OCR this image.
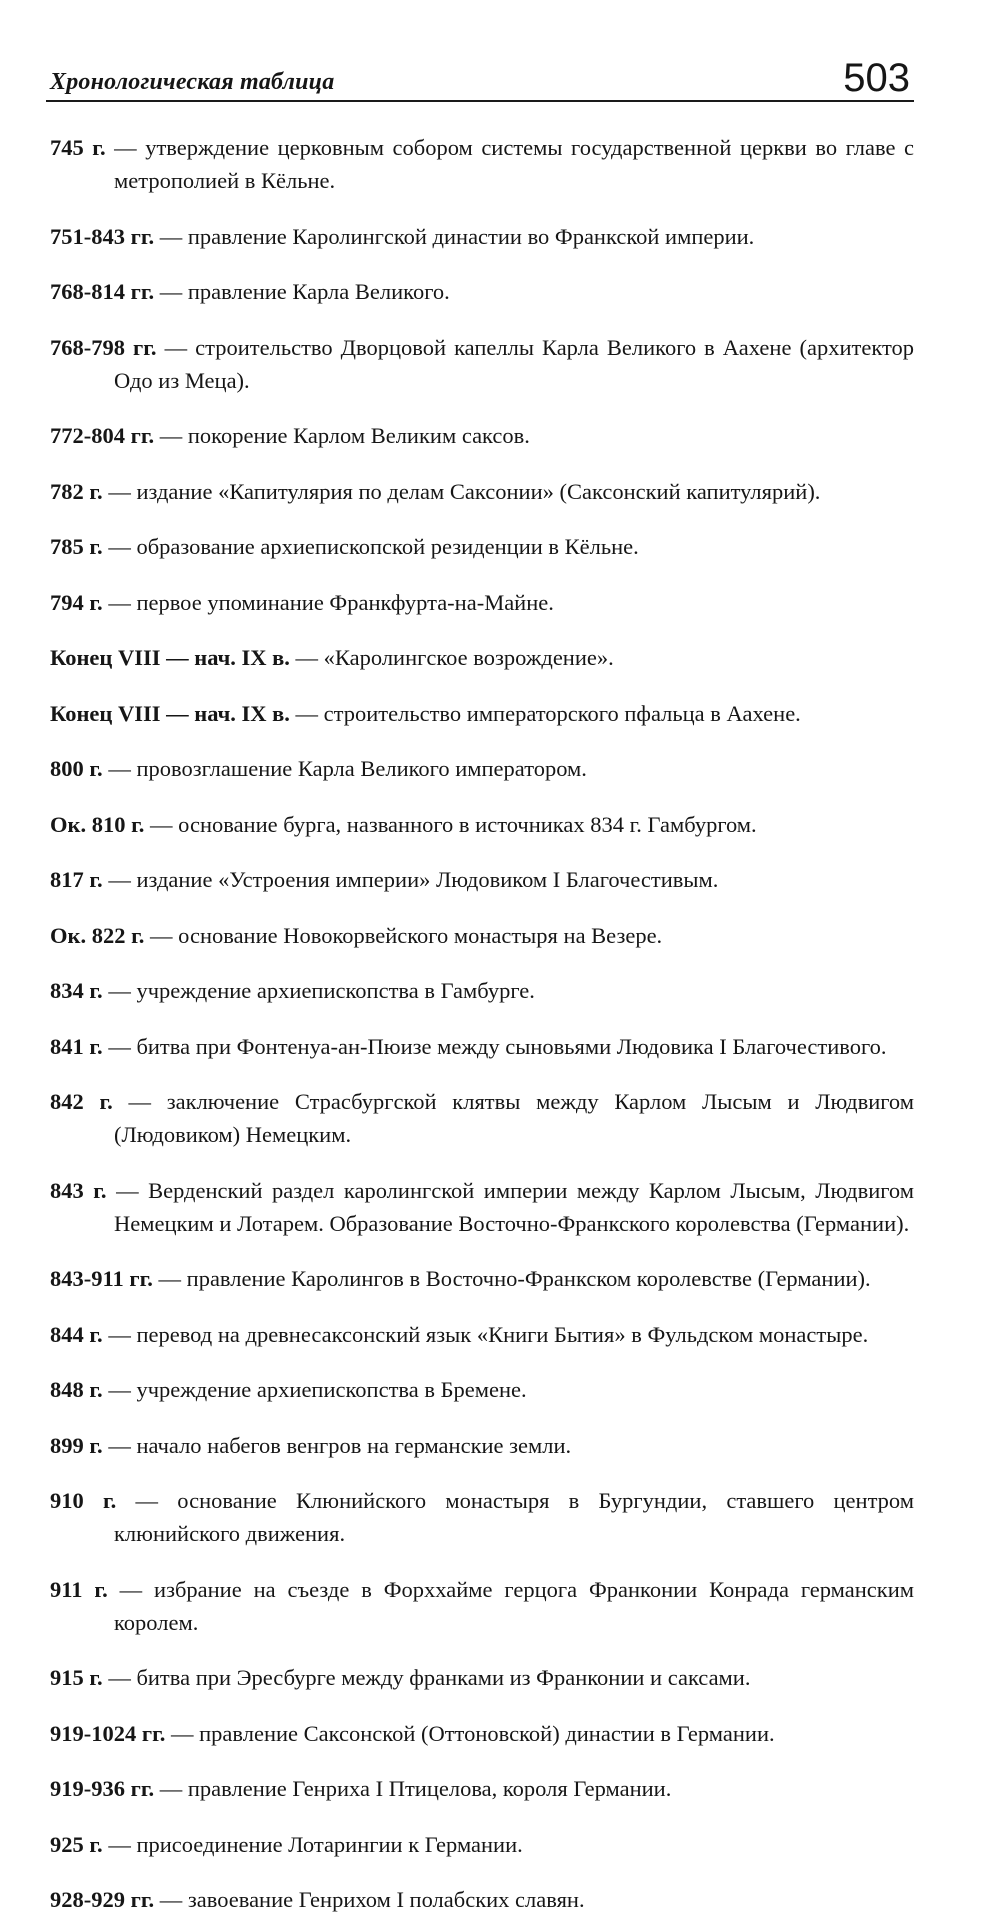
Хронологическая таблица	503

745 г. — утверждение церковным собором системы государственной церкви во главе с метрополией в Кёльне.

751-843 гг. — правление Каролингской династии во Франкской империи.

768-814 гг. — правление Карла Великого.

768-798 гг. — строительство Дворцовой капеллы Карла Великого в Аахене (архитектор Одо из Меца).

772-804 гг. — покорение Карлом Великим саксов.

782 г. — издание «Капитулярия по делам Саксонии» (Саксонский капитулярий).

785 г. — образование архиепископской резиденции в Кёльне.

794 г. — первое упоминание Франкфурта-на-Майне.

Конец VIII — нач. IX в. — «Каролингское возрождение».

Конец VIII — нач. IX в. — строительство императорского пфальца в Аахене.

800 г. — провозглашение Карла Великого императором.

Ок. 810 г. — основание бурга, названного в источниках 834 г. Гамбургом.

817 г. — издание «Устроения империи» Людовиком I Благочестивым.

Ок. 822 г. — основание Новокорвейского монастыря на Везере.

834 г. — учреждение архиепископства в Гамбурге.

841 г. — битва при Фонтенуа-ан-Пюизе между сыновьями Людовика I Благочестивого.

842 г. — заключение Страсбургской клятвы между Карлом Лысым и Людвигом (Людовиком) Немецким.

843 г. — Верденский раздел каролингской империи между Карлом Лысым, Людвигом Немецким и Лотарем. Образование Восточно-Франкского королевства (Германии).

843-911 гг. — правление Каролингов в Восточно-Франкском королевстве (Германии).

844 г. — перевод на древнесаксонский язык «Книги Бытия» в Фульдском монастыре.

848 г. — учреждение архиепископства в Бремене.

899 г. — начало набегов венгров на германские земли.

910 г. — основание Клюнийского монастыря в Бургундии, ставшего центром клюнийского движения.

911 г. — избрание на съезде в Форххайме герцога Франконии Конрада германским королем.

915 г. — битва при Эресбурге между франками из Франконии и саксами.

919-1024 гг. — правление Саксонской (Оттоновской) династии в Германии.

919-936 гг. — правление Генриха I Птицелова, короля Германии.

925 г. — присоединение Лотарингии к Германии.

928-929 гг. — завоевание Генрихом I полабских славян.
